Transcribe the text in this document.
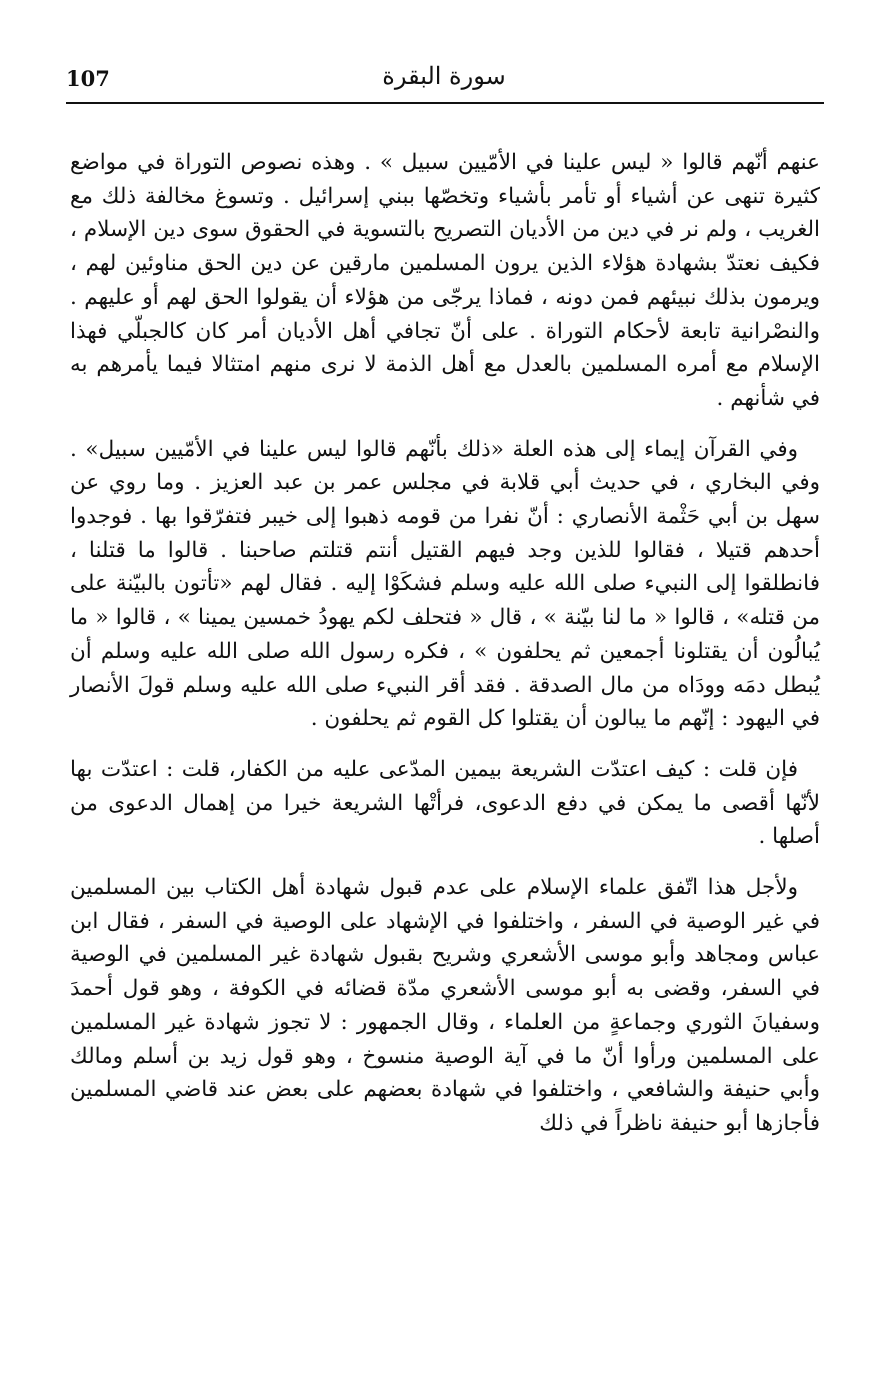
107	سورة البقرة

عنهم أنّهم قالوا « ليس علينا في الأمّيين سبيل » . وهذه نصوص التوراة في مواضع كثيرة تنهى عن أشياء أو تأمر بأشياء وتخصّها ببني إسرائيل . وتسوغ مخالفة ذلك مع الغريب ، ولم نر في دين من الأديان التصريح بالتسوية في الحقوق سوى دين الإسلام ، فكيف نعتدّ بشهادة هؤلاء الذين يرون المسلمين مارقين عن دين الحق مناوئين لهم ، ويرمون بذلك نبيئهم فمن دونه ، فماذا يرجّى من هؤلاء أن يقولوا الحق لهم أو عليهم . والنصْرانية تابعة لأحكام التوراة . على أنّ تجافي أهل الأديان أمر كان كالجبلّي فهذا الإسلام مع أمره المسلمين بالعدل مع أهل الذمة لا نرى منهم امتثالا فيما يأمرهم به في شأنهم .

وفي القرآن إيماء إلى هذه العلة «ذلك بأنّهم قالوا ليس علينا في الأمّيين سبيل» . وفي البخاري ، في حديث أبي قلابة في مجلس عمر بن عبد العزيز . وما روي عن سهل بن أبي حَثْمة الأنصاري : أنّ نفرا من قومه ذهبوا إلى خيبر فتفرّقوا بها . فوجدوا أحدهم قتيلا ، فقالوا للذين وجد فيهم القتيل أنتم قتلتم صاحبنا . قالوا ما قتلنا ، فانطلقوا إلى النبيء صلى الله عليه وسلم فشكَوْا إليه . فقال لهم «تأتون بالبيّنة على من قتله» ، قالوا « ما لنا بيّنة » ، قال « فتحلف لكم يهودُ خمسين يمينا » ، قالوا « ما يُبالُون أن يقتلونا أجمعين ثم يحلفون » ، فكره رسول الله صلى الله عليه وسلم أن يُبطل دمَه وودَاه من مال الصدقة . فقد أقر النبيء صلى الله عليه وسلم قولَ الأنصار في اليهود : إنّهم ما يبالون أن يقتلوا كل القوم ثم يحلفون .

فإن قلت : كيف اعتدّت الشريعة بيمين المدّعى عليه من الكفار، قلت : اعتدّت بها لأنّها أقصى ما يمكن في دفع الدعوى، فرأتْها الشريعة خيرا من إهمال الدعوى من أصلها .

ولأجل هذا اتّفق علماء الإسلام على عدم قبول شهادة أهل الكتاب بين المسلمين في غير الوصية في السفر ، واختلفوا في الإشهاد على الوصية في السفر ، فقال ابن عباس ومجاهد وأبو موسى الأشعري وشريح بقبول شهادة غير المسلمين في الوصية في السفر، وقضى به أبو موسى الأشعري مدّة قضائه في الكوفة ، وهو قول أحمدَ وسفيانَ الثوري وجماعةٍ من العلماء ، وقال الجمهور : لا تجوز شهادة غير المسلمين على المسلمين ورأوا أنّ ما في آية الوصية منسوخ ، وهو قول زيد بن أسلم ومالك وأبي حنيفة والشافعي ، واختلفوا في شهادة بعضهم على بعض عند قاضي المسلمين فأجازها أبو حنيفة ناظراً في ذلك
